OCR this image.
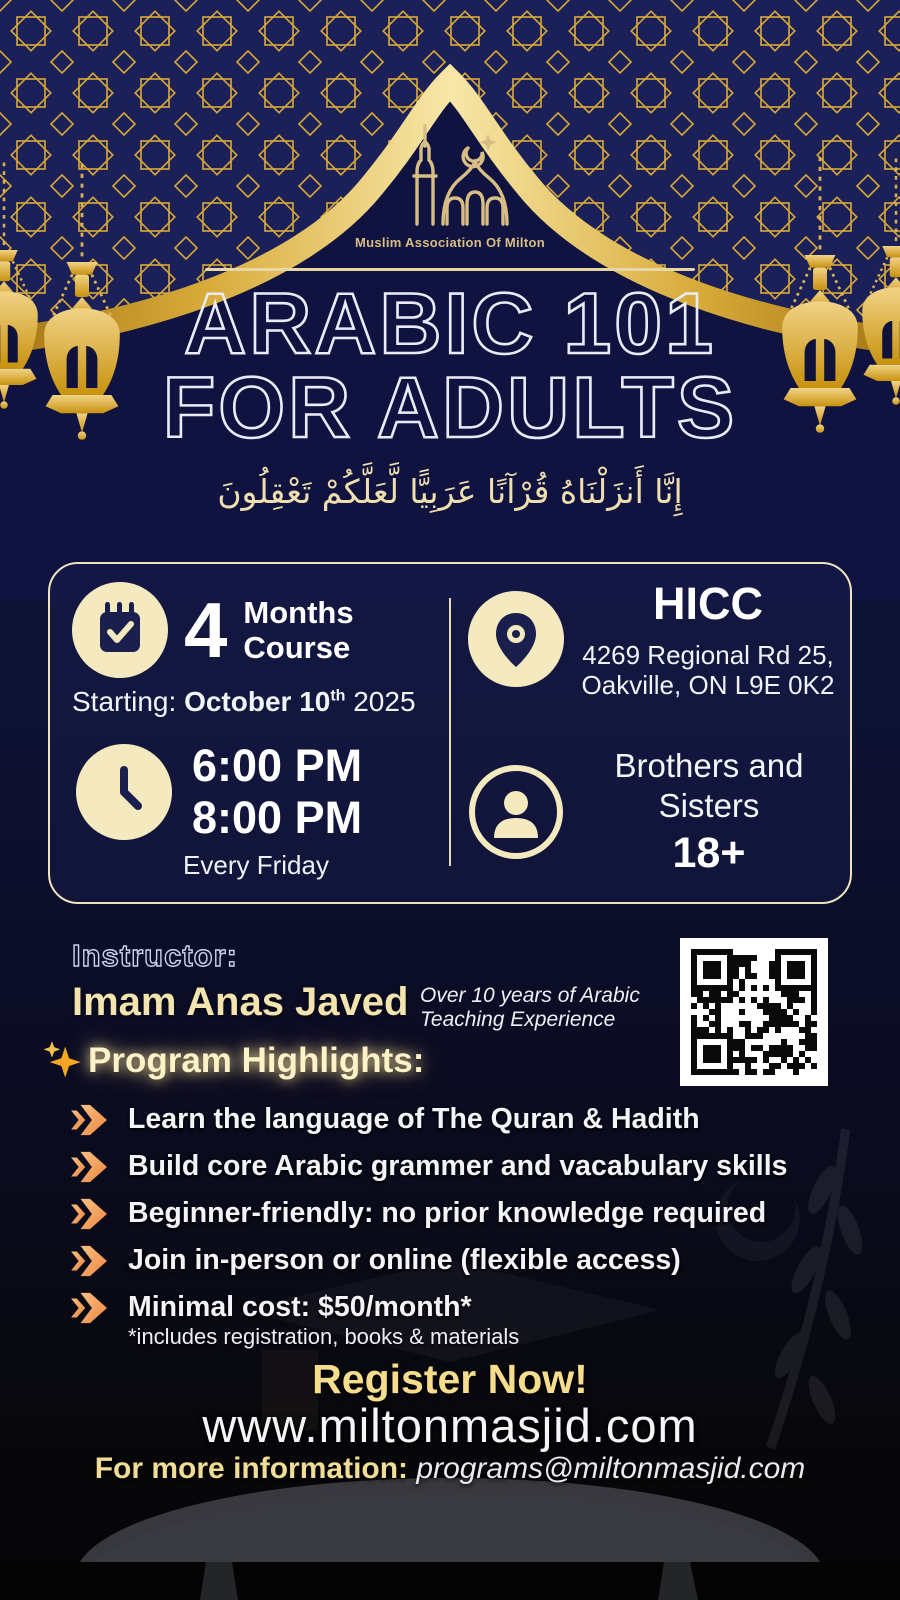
Muslim Association Of Milton
ARABIC 101
FOR ADULTS
إِنَّا أَنزَلْنَاهُ قُرْآنًا عَرَبِيًّا لَّعَلَّكُمْ تَعْقِلُونَ
4 Months
Course
Starting: October 10th 2025
HICC
4269 Regional Rd 25,
Oakville, ON L9E 0K2
6:00 PM
8:00 PM
Every Friday
Brothers and
Sisters
18+
Instructor:
Imam Anas Javed Over 10 years of Arabic
Teaching Experience
Program Highlights:
Learn the language of The Quran & Hadith
Build core Arabic grammer and vacabulary skills
Beginner-friendly: no prior knowledge required
Join in-person or online (flexible access)
Minimal cost: $50/month*
*includes registration, books & materials
Register Now!
www.miltonmasjid.com
For more information: programs@miltonmasjid.com
